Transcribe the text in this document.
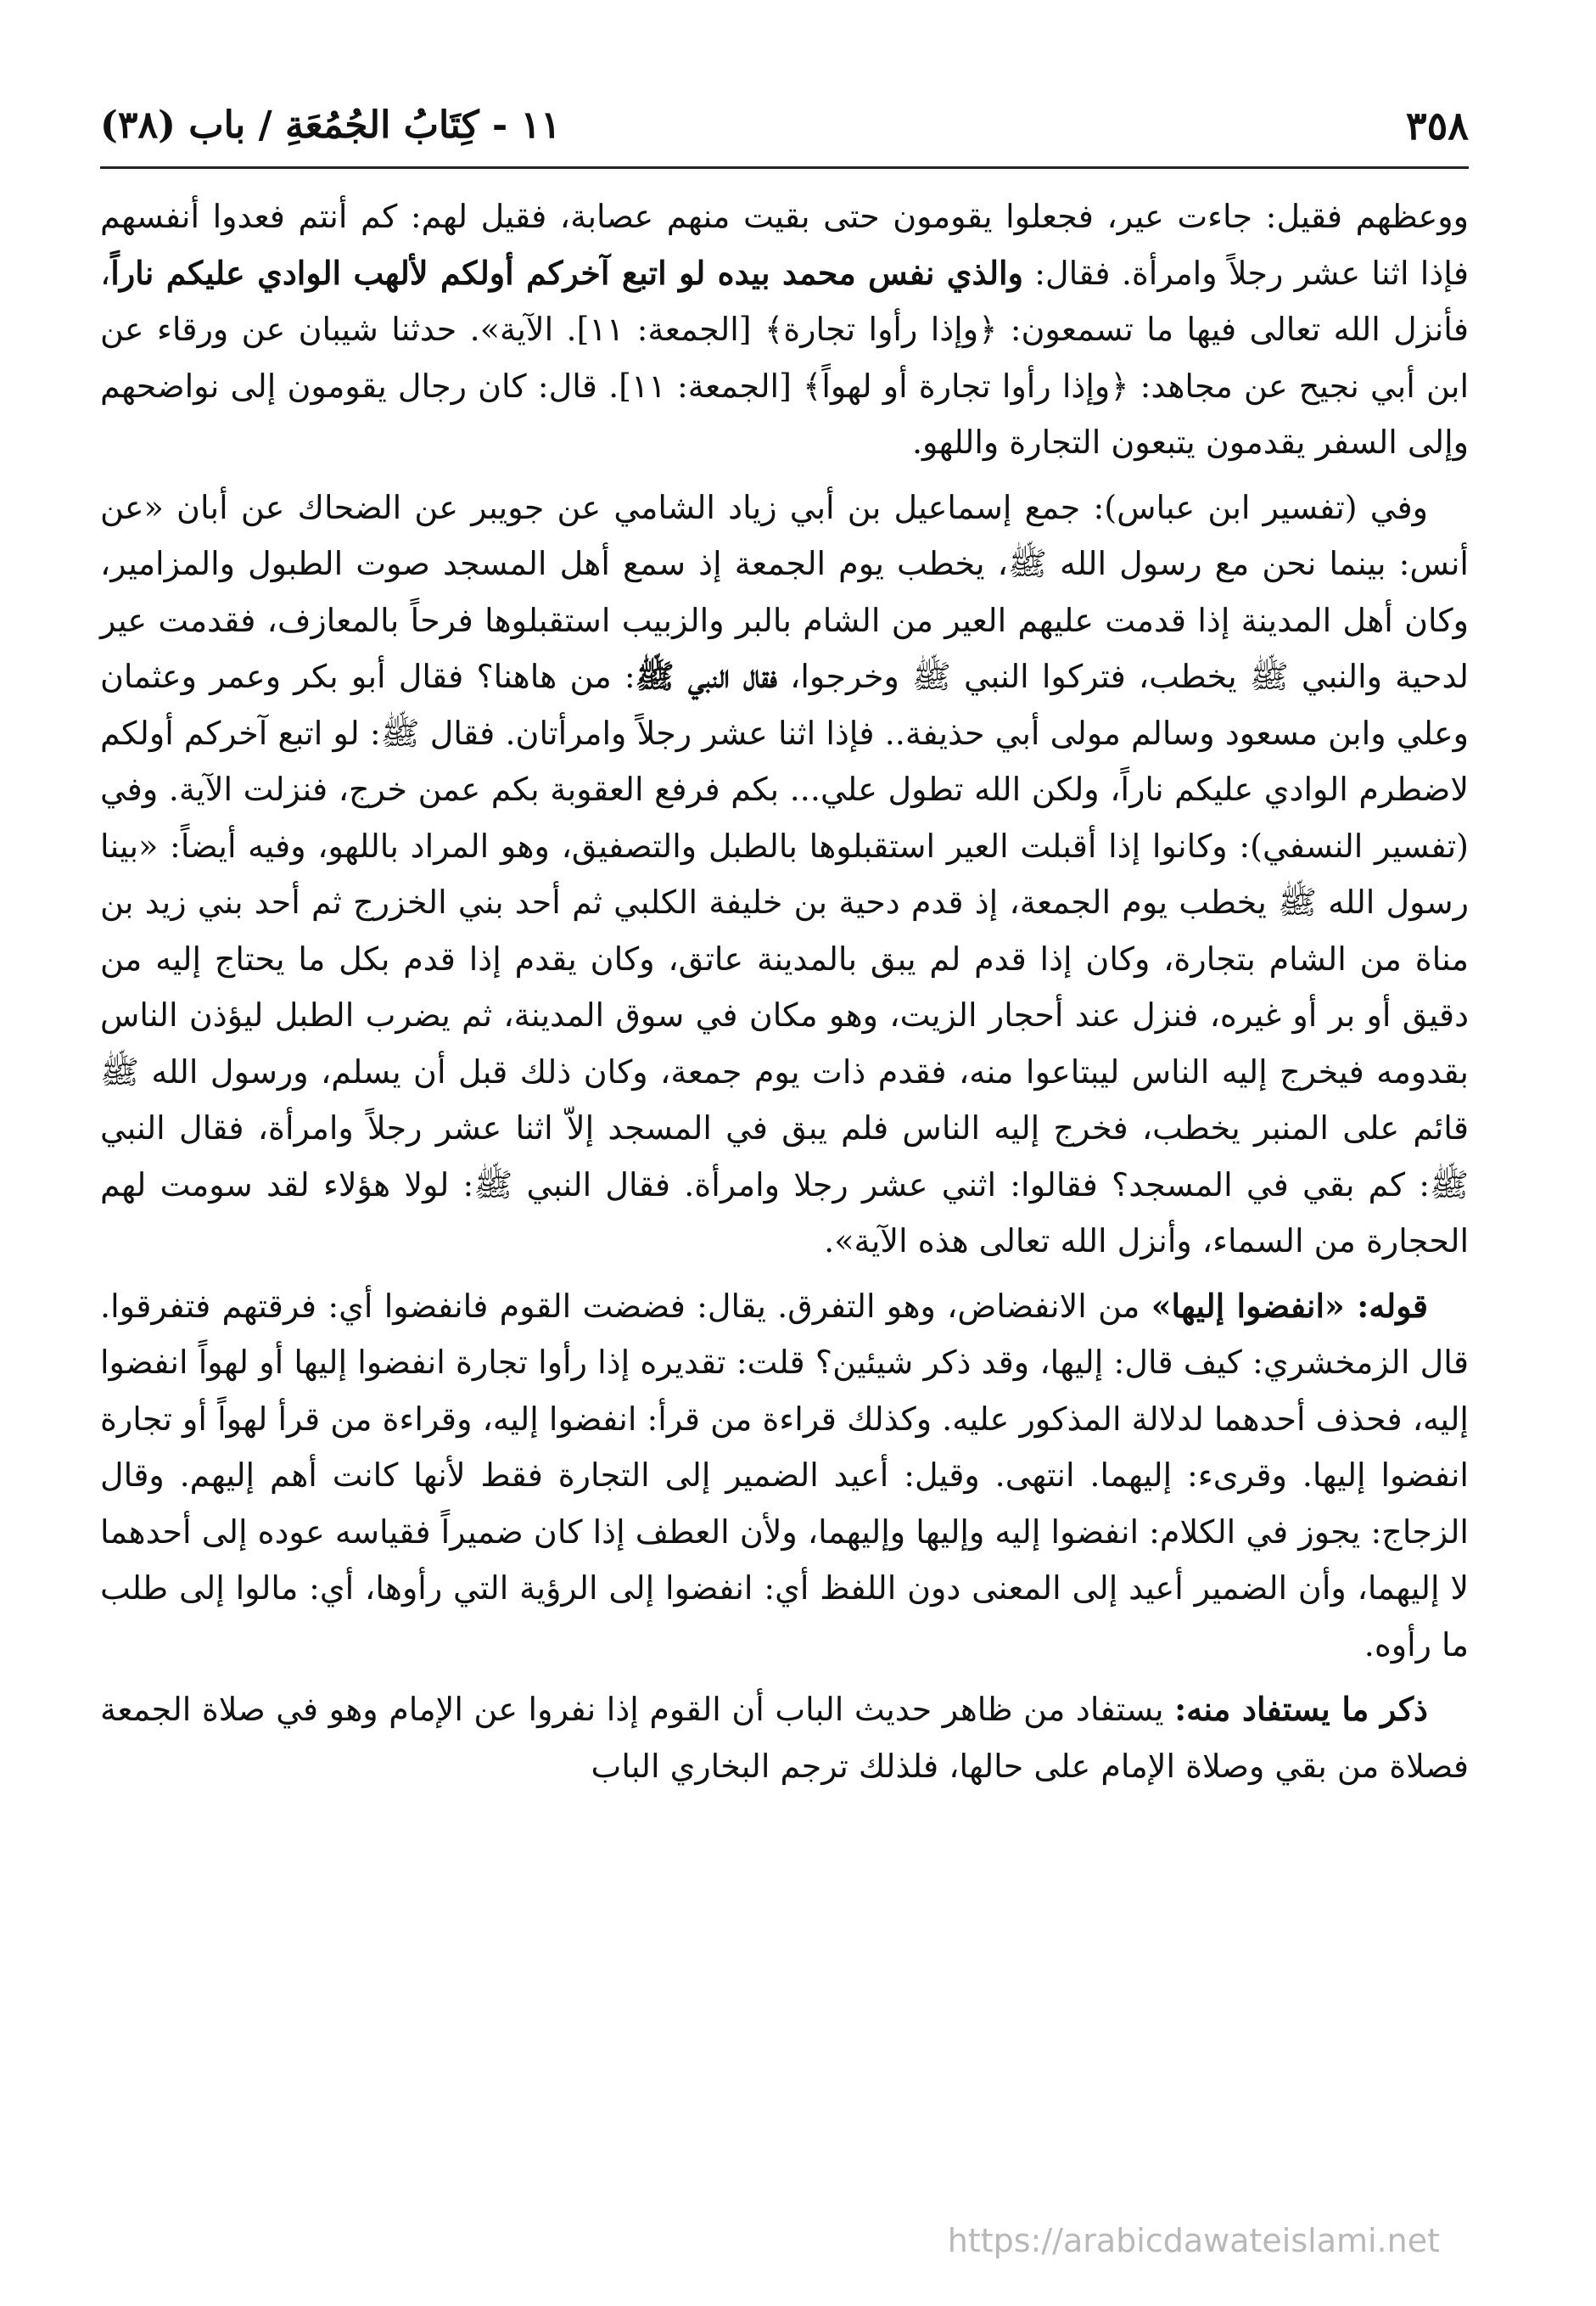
٣٥٨
١١ - كِتَابُ الجُمُعَةِ / باب (٣٨)

ووعظهم فقيل: جاءت عير، فجعلوا يقومون حتى بقيت منهم عصابة، فقيل لهم: كم أنتم فعدوا أنفسهم فإذا اثنا عشر رجلاً وامرأة. فقال: والذي نفس محمد بيده لو اتبع آخركم أولكم لألهب الوادي عليكم ناراً، فأنزل الله تعالى فيها ما تسمعون: ﴿وإذا رأوا تجارة﴾ [الجمعة: ١١]. الآية». حدثنا شيبان عن ورقاء عن ابن أبي نجيح عن مجاهد: ﴿وإذا رأوا تجارة أو لهواً﴾ [الجمعة: ١١]. قال: كان رجال يقومون إلى نواضحهم وإلى السفر يقدمون يتبعون التجارة واللهو.

وفي (تفسير ابن عباس): جمع إسماعيل بن أبي زياد الشامي عن جويبر عن الضحاك عن أبان «عن أنس: بينما نحن مع رسول الله ﷺ، يخطب يوم الجمعة إذ سمع أهل المسجد صوت الطبول والمزامير، وكان أهل المدينة إذا قدمت عليهم العير من الشام بالبر والزبيب استقبلوها فرحاً بالمعازف، فقدمت عير لدحية والنبي ﷺ يخطب، فتركوا النبي ﷺ وخرجوا، فقال النبي ﷺ: من هاهنا؟ فقال أبو بكر وعمر وعثمان وعلي وابن مسعود وسالم مولى أبي حذيفة.. فإذا اثنا عشر رجلاً وامرأتان. فقال ﷺ: لو اتبع آخركم أولكم لاضطرم الوادي عليكم ناراً، ولكن الله تطول علي... بكم فرفع العقوبة بكم عمن خرج، فنزلت الآية. وفي (تفسير النسفي): وكانوا إذا أقبلت العير استقبلوها بالطبل والتصفيق، وهو المراد باللهو، وفيه أيضاً: «بينا رسول الله ﷺ يخطب يوم الجمعة، إذ قدم دحية بن خليفة الكلبي ثم أحد بني الخزرج ثم أحد بني زيد بن مناة من الشام بتجارة، وكان إذا قدم لم يبق بالمدينة عاتق، وكان يقدم إذا قدم بكل ما يحتاج إليه من دقيق أو بر أو غيره، فنزل عند أحجار الزيت، وهو مكان في سوق المدينة، ثم يضرب الطبل ليؤذن الناس بقدومه فيخرج إليه الناس ليبتاعوا منه، فقدم ذات يوم جمعة، وكان ذلك قبل أن يسلم، ورسول الله ﷺ قائم على المنبر يخطب، فخرج إليه الناس فلم يبق في المسجد إلاّ اثنا عشر رجلاً وامرأة، فقال النبي ﷺ: كم بقي في المسجد؟ فقالوا: اثني عشر رجلا وامرأة. فقال النبي ﷺ: لولا هؤلاء لقد سومت لهم الحجارة من السماء، وأنزل الله تعالى هذه الآية».

قوله: «انفضوا إليها» من الانفضاض، وهو التفرق. يقال: فضضت القوم فانفضوا أي: فرقتهم فتفرقوا. قال الزمخشري: كيف قال: إليها، وقد ذكر شيئين؟ قلت: تقديره إذا رأوا تجارة انفضوا إليها أو لهواً انفضوا إليه، فحذف أحدهما لدلالة المذكور عليه. وكذلك قراءة من قرأ: انفضوا إليه، وقراءة من قرأ لهواً أو تجارة انفضوا إليها. وقرىء: إليهما. انتهى. وقيل: أعيد الضمير إلى التجارة فقط لأنها كانت أهم إليهم. وقال الزجاج: يجوز في الكلام: انفضوا إليه وإليها وإليهما، ولأن العطف إذا كان ضميراً فقياسه عوده إلى أحدهما لا إليهما، وأن الضمير أعيد إلى المعنى دون اللفظ أي: انفضوا إلى الرؤية التي رأوها، أي: مالوا إلى طلب ما رأوه.

ذكر ما يستفاد منه: يستفاد من ظاهر حديث الباب أن القوم إذا نفروا عن الإمام وهو في صلاة الجمعة فصلاة من بقي وصلاة الإمام على حالها، فلذلك ترجم البخاري الباب

https://arabicdawateislami.net
